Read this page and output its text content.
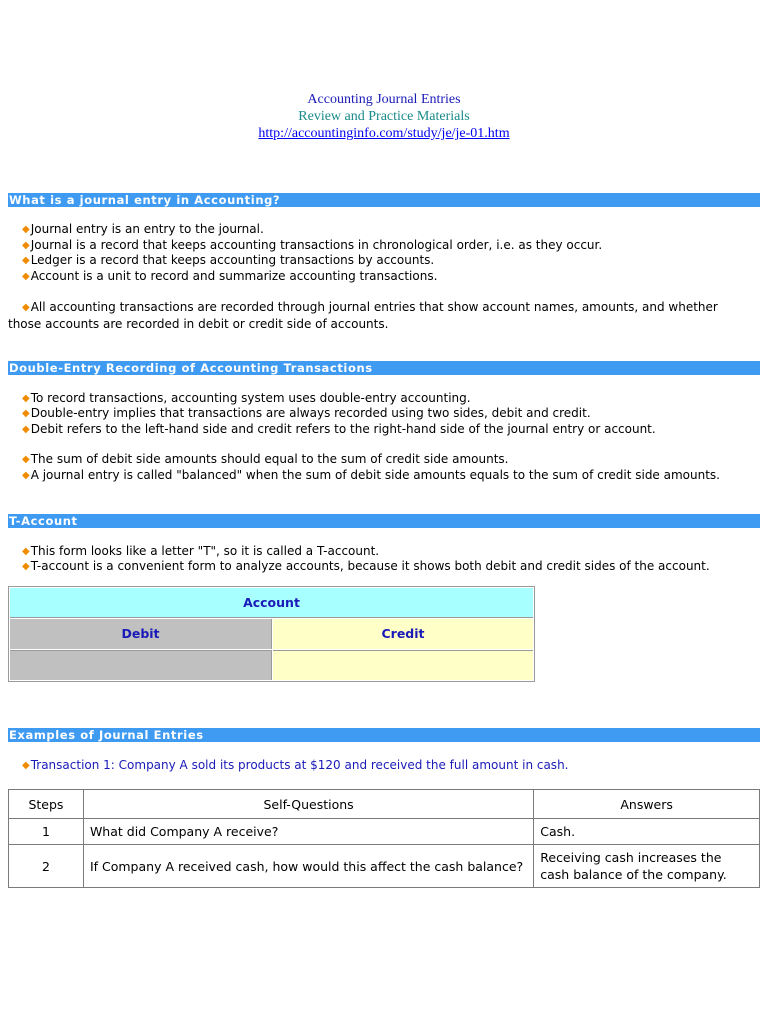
Accounting Journal Entries
Review and Practice Materials
http://accountinginfo.com/study/je/je-01.htm
What is a journal entry in Accounting?
◆Journal entry is an entry to the journal.
◆Journal is a record that keeps accounting transactions in chronological order, i.e. as they occur.
◆Ledger is a record that keeps accounting transactions by accounts.
◆Account is a unit to record and summarize accounting transactions.
◆All accounting transactions are recorded through journal entries that show account names, amounts, and whether
those accounts are recorded in debit or credit side of accounts.
Double-Entry Recording of Accounting Transactions
◆To record transactions, accounting system uses double-entry accounting.
◆Double-entry implies that transactions are always recorded using two sides, debit and credit.
◆Debit refers to the left-hand side and credit refers to the right-hand side of the journal entry or account.
◆The sum of debit side amounts should equal to the sum of credit side amounts.
◆A journal entry is called "balanced" when the sum of debit side amounts equals to the sum of credit side amounts.
T-Account
◆This form looks like a letter "T", so it is called a T-account.
◆T-account is a convenient form to analyze accounts, because it shows both debit and credit sides of the account.
Account
Debit	Credit
Examples of Journal Entries
◆Transaction 1: Company A sold its products at $120 and received the full amount in cash.
Steps	Self-Questions	Answers
1	What did Company A receive?	Cash.
2	If Company A received cash, how would this affect the cash balance?	Receiving cash increases the cash balance of the company.
